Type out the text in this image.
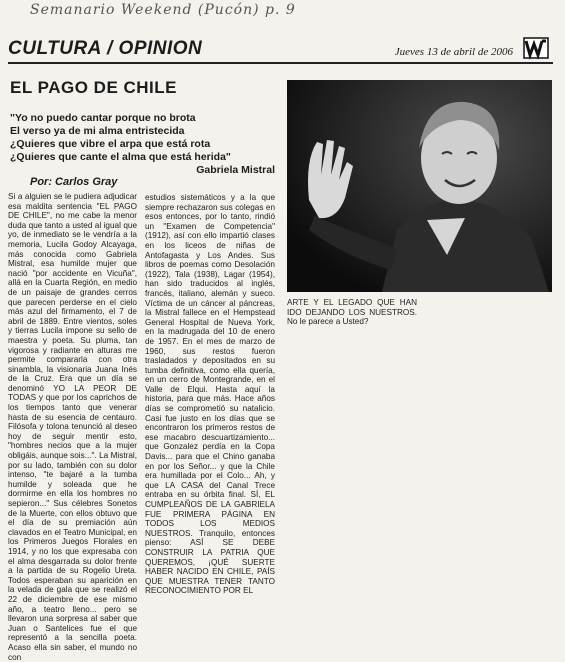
Semanario Weekend (Pucón) p. 9
CULTURA / OPINION	Jueves 13 de abril de 2006
EL PAGO DE CHILE
"Yo no puedo cantar porque no brota
El verso ya de mi alma entristecida
¿Quieres que vibre el arpa que está rota
¿Quieres que cante el alma que está herida"
Gabriela Mistral
Por: Carlos Gray

Si a alguien se le pudiera adjudicar esa maldita sentencia "EL PAGO DE CHILE", no me cabe la menor duda que tanto a usted al igual que yo, de inmediato se le vendría a la memoria, Lucila Godoy Alcayaga, más conocida como Gabriela Mistral, esa humilde mujer que nació "por accidente en Vicuña", allá en la Cuarta Región, en medio de un paisaje de grandes cerros que parecen perderse en el cielo más azul del firmamento, el 7 de abril de 1889. Entre vientos, soles y tierras Lucila impone su sello de maestra y poeta. Su pluma, tan vigorosa y radiante en alturas me permite compararla con otra sinambla, la visionaria Juana Inés de la Cruz. Era que un día se denominó YO LA PEOR DE TODAS y que por los caprichos de los tiempos tanto que venerar hasta de su esencia de centauro. Filósofa y tolona tenunció al deseo hoy de seguir mentir esto, "hombres necios que a la mujer obligáis, aunque sois...". La Mistral, por su lado, también con su dolor intenso, "te bajaré a la tumba humilde y soleada que he dormirme en ella los hombres no sepieron..." Sus célebres Sonetos de la Muerte, con ellos obtuvo que el día de su premiación aún clavados en el Teatro Municipal, en los Primeros Juegos Florales en 1914, y no los que expresaba con el alma desgarrada su dolor frente a la partida de su Rogelio Ureta. Todos esperaban su aparición en la velada de gala que se realizó el 22 de diciembre de ese mismo año, a teatro lleno... pero se llevaron una sorpresa al saber que Juan o Santelices fue el que representó a la sencilla poeta. Acaso ella sin saber, el mundo no con

estudios sistemáticos y a la que siempre rechazaron sus colegas en esos entonces, por lo tanto, rindió un "Examen de Competencia" (1912), así con ello impartió clases en los liceos de niñas de Antofagasta y Los Andes. Sus libros de poemas como Desolación (1922), Tala (1938), Lagar (1954), han sido traducidos al inglés, francés, italiano, alemán y sueco. Víctima de un cáncer al páncreas, la Mistral fallece en el Hempstead General Hospital de Nueva York, en la madrugada del 10 de enero de 1957. En el mes de marzo de 1960, sus restos fueron trasladados y depositados en su tumba definitiva, como ella quería, en un cerro de Montegrande, en el Valle de Elqui. Hasta aquí la historia, para que más. Hace años días se comprometió su natalicio. Casi fue justo en los días que se encontraron los primeros restos de ese macabro descuartizamiento... que Gonzalez perdía en la Copa Davis... para que el Chino ganaba en por los Señor... y que la Chile era humillada por el Colo... Ah, y que LA CASA del Canal Trece entraba en su órbita final. SÍ, EL CUMPLEAÑOS DE LA GABRIELA FUE PRIMERA PÁGINA EN TODOS LOS MEDIOS NUESTROS. Tranquilo, entonces pienso: ASÍ SE DEBE CONSTRUIR LA PATRIA QUE QUEREMOS, ¡QUÉ SUERTE HABER NACIDO EN CHILE, PAÍS QUE MUESTRA TENER TANTO RECONOCIMIENTO POR EL

ARTE Y EL LEGADO QUE HAN IDO DEJANDO LOS NUESTROS. No le parece a Usted?
